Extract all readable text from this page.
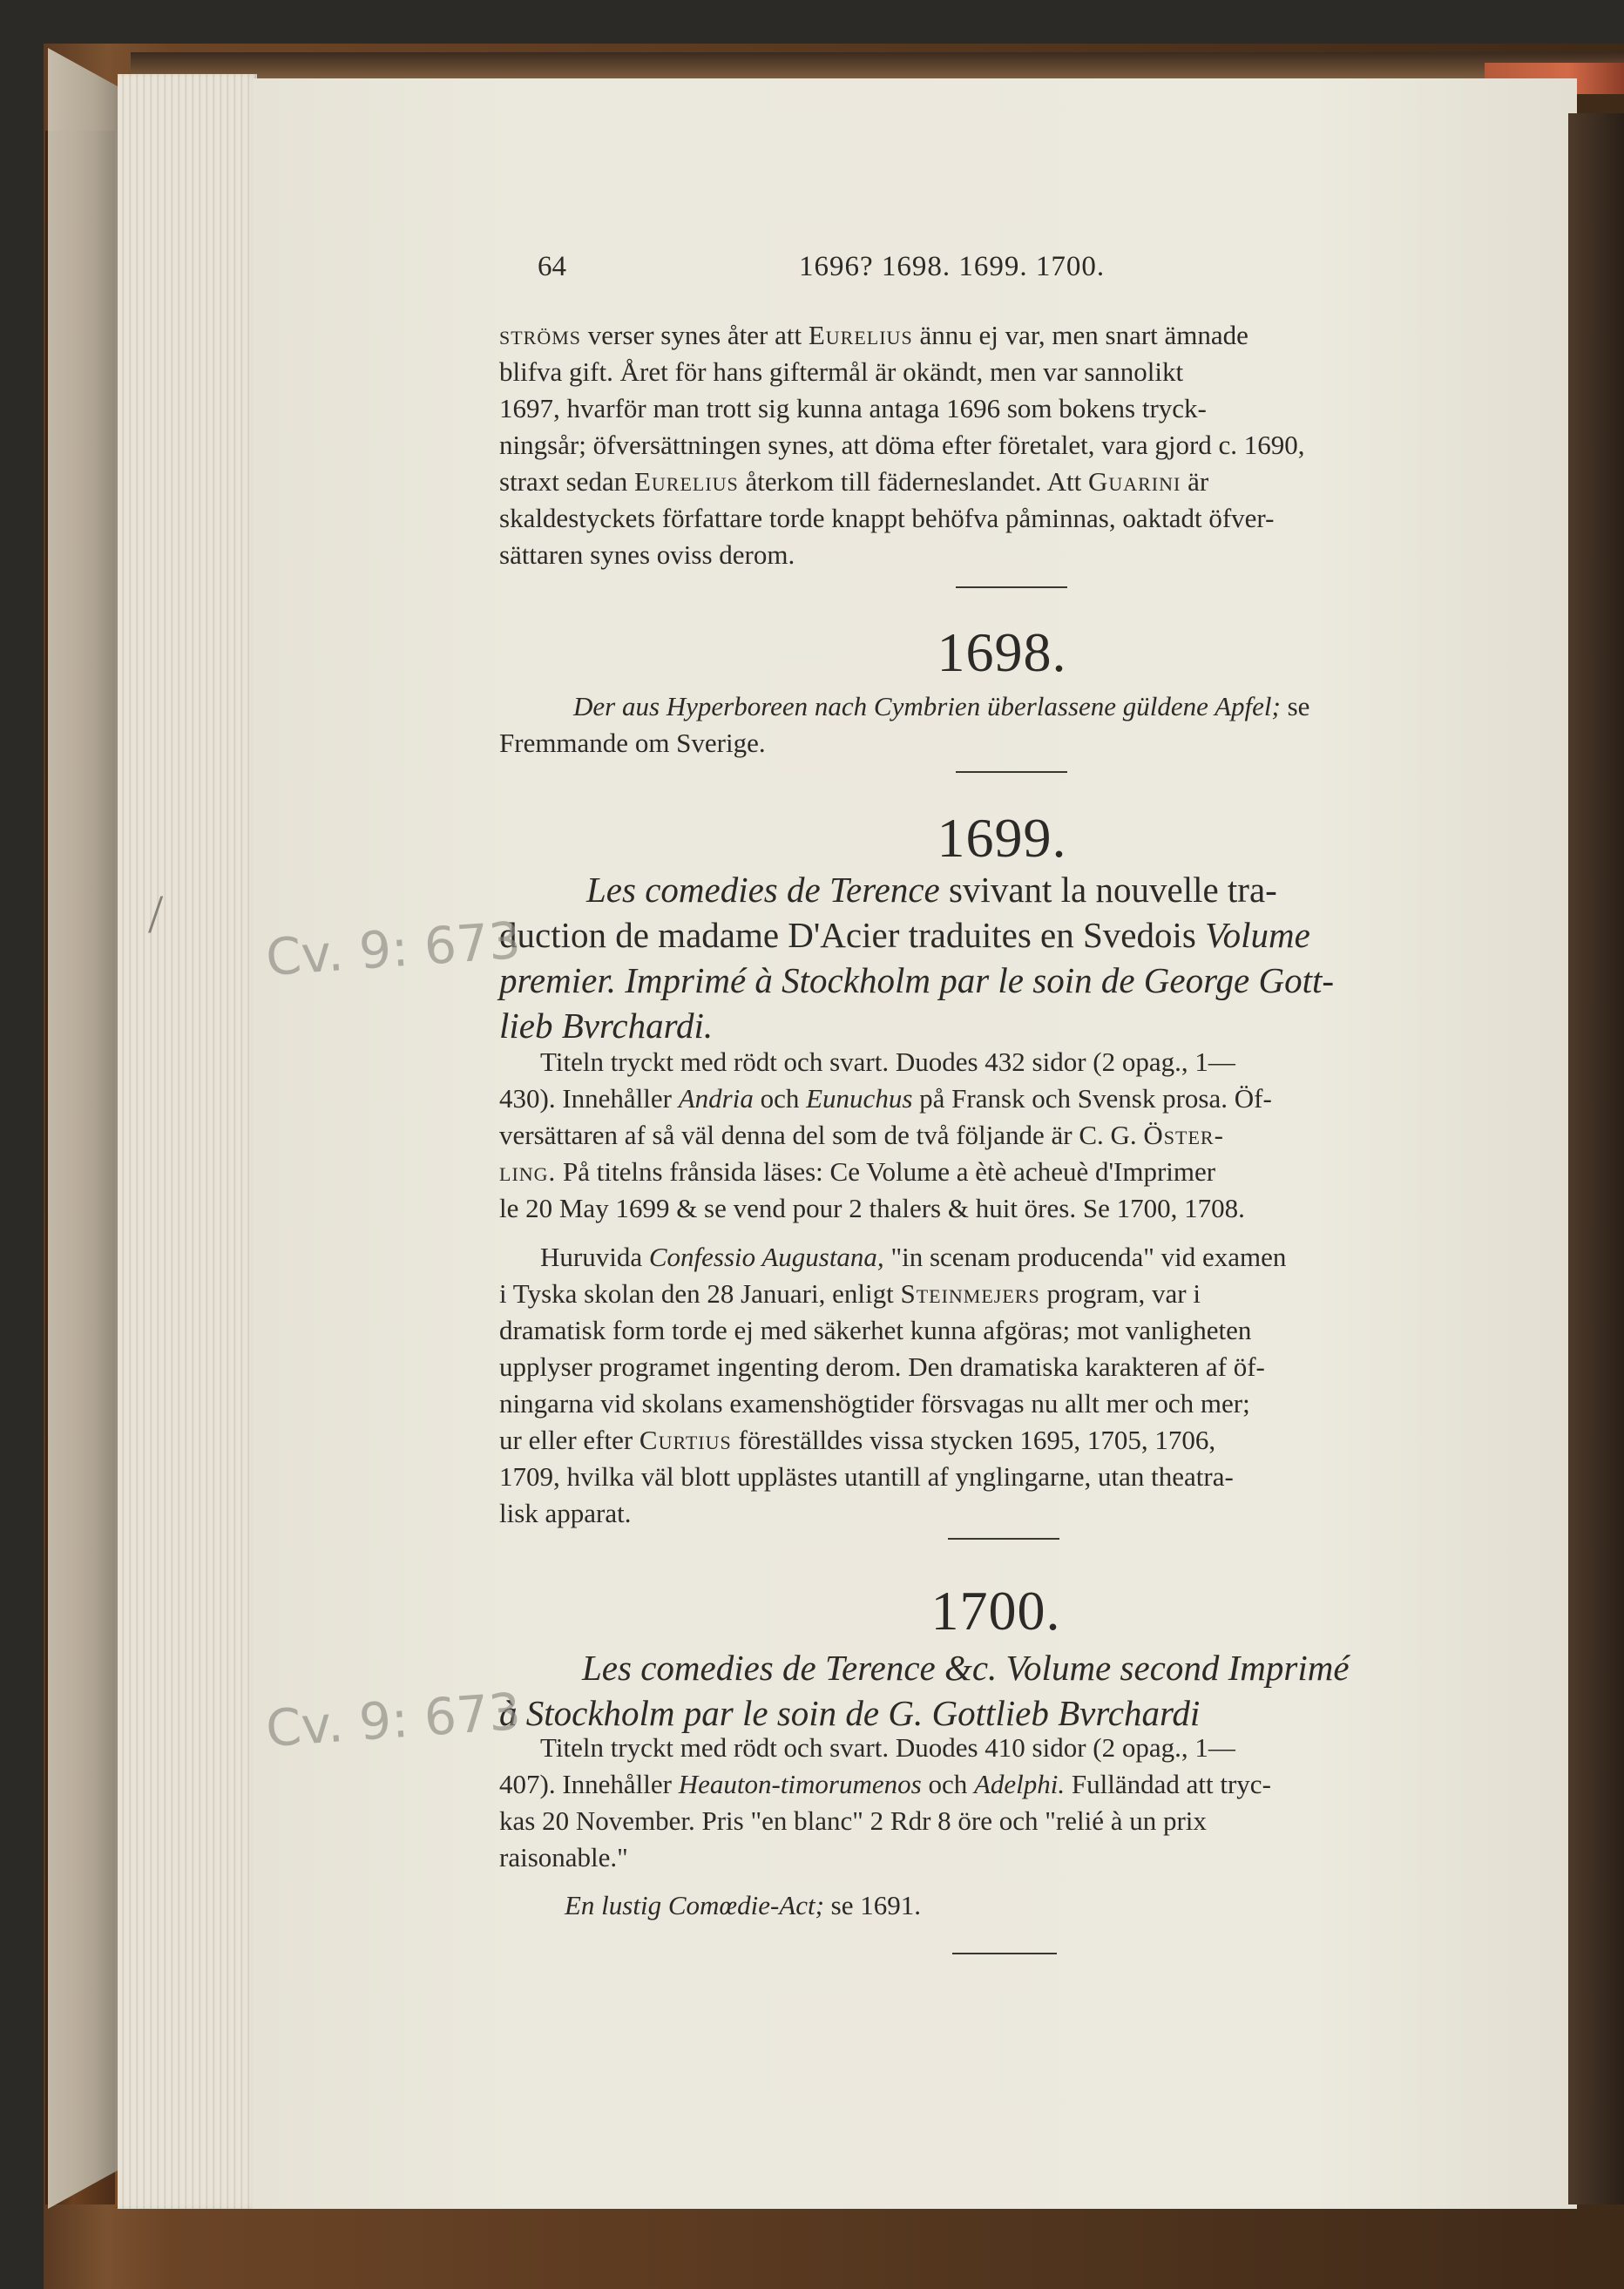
64	1696? 1698. 1699. 1700.
ströms verser synes åter att Eurelius ännu ej var, men snart ämnade
blifva gift. Året för hans giftermål är okändt, men var sannolikt
1697, hvarför man trott sig kunna antaga 1696 som bokens tryck-
ningsår; öfversättningen synes, att döma efter företalet, vara gjord c. 1690,
straxt sedan Eurelius återkom till fäderneslandet. Att Guarini är
skaldestyckets författare torde knappt behöfva påminnas, oaktadt öfver-
sättaren synes oviss derom.
1698.
Der aus Hyperboreen nach Cymbrien überlassene güldene Apfel; se
Fremmande om Sverige.
1699.
Les comedies de Terence svivant la nouvelle tra-
duction de madame D'Acier traduites en Svedois Volume
premier. Imprimé à Stockholm par le soin de George Gott-
lieb Bvrchardi.
Titeln tryckt med rödt och svart. Duodes 432 sidor (2 opag., 1—
430). Innehåller Andria och Eunuchus på Fransk och Svensk prosa. Öf-
versättaren af så väl denna del som de två följande är C. G. Öster-
ling. På titelns frånsida läses: Ce Volume a ètè acheuè d'Imprimer
le 20 May 1699 & se vend pour 2 thalers & huit öres. Se 1700, 1708.
Huruvida Confessio Augustana, "in scenam producenda" vid examen
i Tyska skolan den 28 Januari, enligt Steinmejers program, var i
dramatisk form torde ej med säkerhet kunna afgöras; mot vanligheten
upplyser programet ingenting derom. Den dramatiska karakteren af öf-
ningarna vid skolans examenshögtider försvagas nu allt mer och mer;
ur eller efter Curtius föreställdes vissa stycken 1695, 1705, 1706,
1709, hvilka väl blott upplästes utantill af ynglingarne, utan theatra-
lisk apparat.
Cv. 9: 673
/
1700.
Les comedies de Terence &c. Volume second Imprimé
à Stockholm par le soin de G. Gottlieb Bvrchardi
Titeln tryckt med rödt och svart. Duodes 410 sidor (2 opag., 1—
407). Innehåller Heauton-timorumenos och Adelphi. Fulländad att tryc-
kas 20 November. Pris "en blanc" 2 Rdr 8 öre och "relié à un prix
raisonable."
En lustig Comœdie-Act; se 1691.
Cv. 9: 673
